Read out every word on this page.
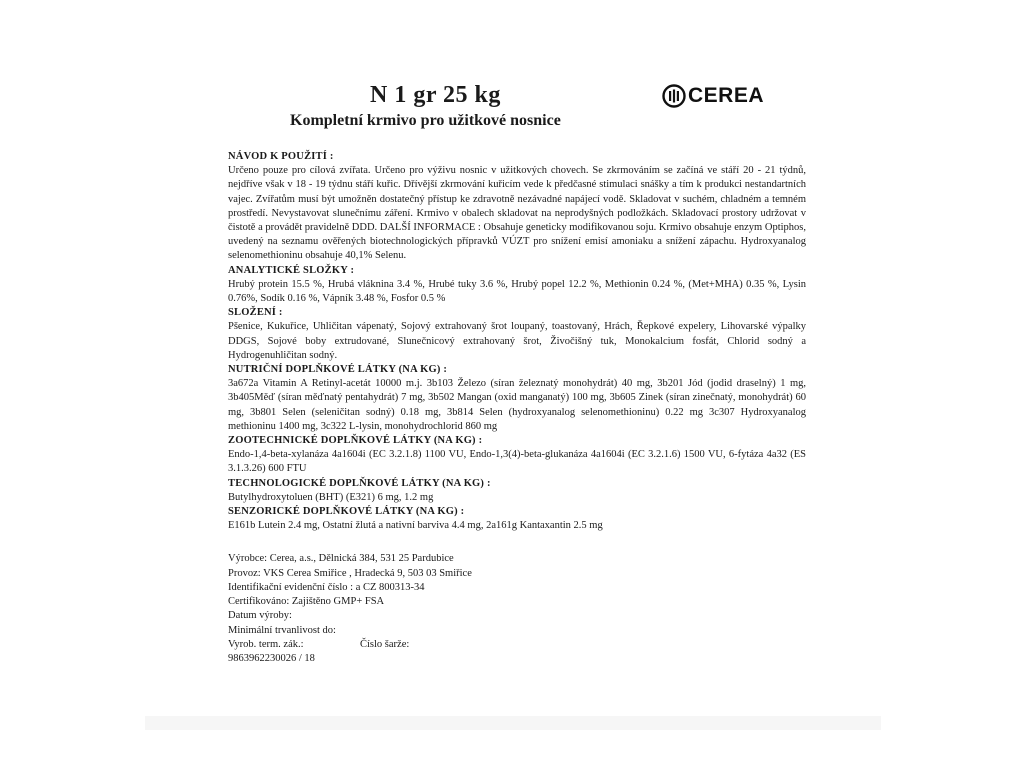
N 1 gr 25 kg
Kompletní krmivo pro užitkové nosnice
CEREA
NÁVOD K POUŽITÍ :
Určeno pouze pro cílová zvířata. Určeno pro výživu nosnic v užitkových chovech. Se zkrmováním se začíná ve stáří 20 - 21 týdnů, nejdříve však v 18 - 19 týdnu stáří kuřic. Dřívější zkrmování kuřicím vede k předčasné stimulaci snášky a tím k produkci nestandartních vajec. Zvířatům musí být umožněn dostatečný přístup ke zdravotně nezávadné napájecí vodě. Skladovat v suchém, chladném a temném prostředí. Nevystavovat slunečnímu záření. Krmivo v obalech skladovat na neprodyšných podložkách. Skladovací prostory udržovat v čistotě a provádět pravidelně DDD. DALŠÍ INFORMACE : Obsahuje geneticky modifikovanou soju. Krmivo obsahuje enzym Optiphos, uvedený na seznamu ověřených biotechnologických přípravků VÚZT pro snížení emisí amoniaku a snížení zápachu. Hydroxyanalog selenomethioninu obsahuje 40,1% Selenu.
ANALYTICKÉ SLOŽKY :
Hrubý protein 15.5 %, Hrubá vláknina 3.4 %, Hrubé tuky 3.6 %, Hrubý popel 12.2 %, Methionin 0.24 %, (Met+MHA) 0.35 %, Lysin 0.76%, Sodík 0.16 %, Vápník 3.48 %, Fosfor 0.5 %
SLOŽENÍ :
Pšenice, Kukuřice, Uhličitan vápenatý, Sojový extrahovaný šrot loupaný, toastovaný, Hrách, Řepkové expelery, Lihovarské výpalky DDGS, Sojové boby extrudované, Slunečnicový extrahovaný šrot, Živočišný tuk, Monokalcium fosfát, Chlorid sodný a Hydrogenuhličitan sodný.
NUTRIČNÍ DOPLŇKOVÉ LÁTKY (NA KG) :
3a672a Vitamin A Retinyl-acetát 10000 m.j. 3b103 Železo (síran železnatý monohydrát) 40 mg, 3b201 Jód (jodid draselný) 1 mg, 3b405Měď (síran měďnatý pentahydrát) 7 mg, 3b502 Mangan (oxid manganatý) 100 mg, 3b605 Zinek (síran zinečnatý, monohydrát) 60 mg, 3b801 Selen (seleničitan sodný) 0.18 mg, 3b814 Selen (hydroxyanalog selenomethioninu) 0.22 mg 3c307 Hydroxyanalog methioninu 1400 mg, 3c322 L-lysin, monohydrochlorid 860 mg
ZOOTECHNICKÉ DOPLŇKOVÉ LÁTKY (NA KG) :
Endo-1,4-beta-xylanáza 4a1604i (EC 3.2.1.8) 1100 VU, Endo-1,3(4)-beta-glukanáza 4a1604i (EC 3.2.1.6) 1500 VU, 6-fytáza 4a32 (ES 3.1.3.26) 600 FTU
TECHNOLOGICKÉ DOPLŇKOVÉ LÁTKY (NA KG) :
Butylhydroxytoluen (BHT) (E321) 6 mg, 1.2 mg
SENZORICKÉ DOPLŇKOVÉ LÁTKY (NA KG) :
E161b Lutein 2.4 mg, Ostatní žlutá a nativní barviva 4.4 mg, 2a161g Kantaxantin 2.5 mg
Výrobce: Cerea, a.s., Dělnická 384, 531 25 Pardubice
Provoz: VKS Cerea Smiřice , Hradecká 9, 503 03 Smiřice
Identifikační evidenční číslo : a CZ 800313-34
Certifikováno: Zajištěno GMP+ FSA
Datum výroby:
Minimální trvanlivost do:
Vyrob. term. zák.:	Číslo šarže:
9863962230026 / 18
